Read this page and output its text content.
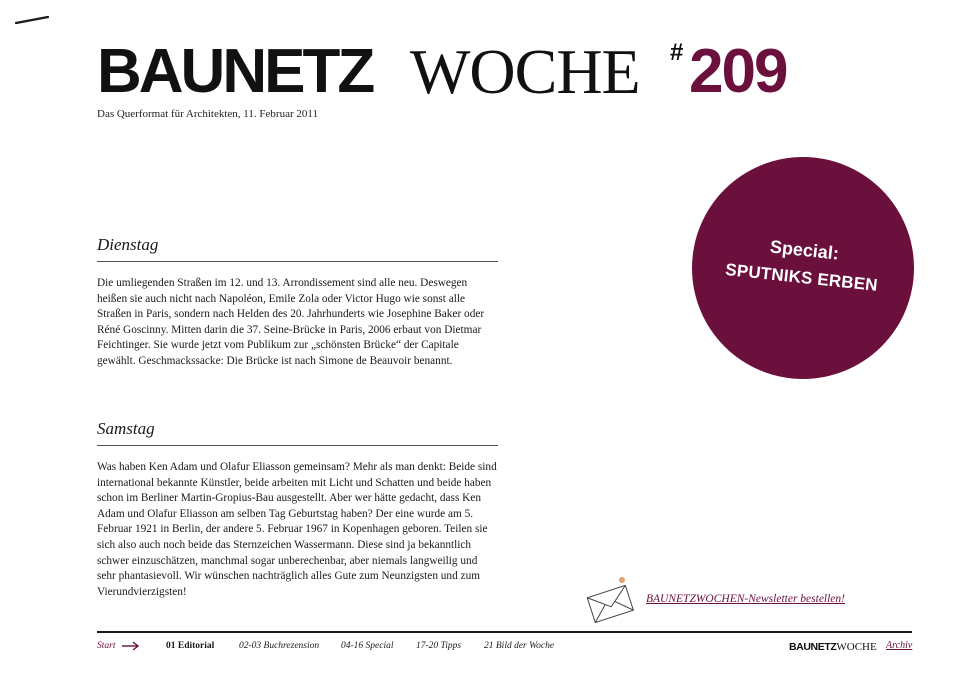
BAUNETZ WOCHE # 209
Das Querformat für Architekten, 11. Februar 2011
Dienstag

Die umliegenden Straßen im 12. und 13. Arrondissement sind alle neu. Deswegen heißen sie auch nicht nach Napoléon, Emile Zola oder Victor Hugo wie sonst alle Straßen in Paris, sondern nach Helden des 20. Jahrhunderts wie Josephine Baker oder Réné Goscinny. Mitten darin die 37. Seine-Brücke in Paris, 2006 erbaut von Dietmar Feichtinger. Sie wurde jetzt vom Publikum zur „schönsten Brücke“ der Capitale gewählt. Geschmackssacke: Die Brücke ist nach Simone de Beauvoir benannt.

Samstag

Was haben Ken Adam und Olafur Eliasson gemeinsam? Mehr als man denkt: Beide sind international bekannte Künstler, beide arbeiten mit Licht und Schatten und beide haben schon im Berliner Martin-Gropius-Bau ausgestellt. Aber wer hätte gedacht, dass Ken Adam und Olafur Eliasson am selben Tag Geburtstag haben? Der eine wurde am 5. Februar 1921 in Berlin, der andere 5. Februar 1967 in Kopenhagen geboren. Teilen sie sich also auch noch beide das Sternzeichen Wassermann. Diese sind ja bekanntlich schwer einzuschätzen, manchmal sogar unberechenbar, aber niemals langweilig und sehr phantasievoll. Wir wünschen nachträglich alles Gute zum Neunzigsten und zum Vierundvierzigsten!

Special:
SPUTNIKS ERBEN
BAUNETZWOCHEN-Newsletter bestellen!
Start	01 Editorial	02-03 Buchrezension 04-16 Special 17-20 Tipps 21 Bild der Woche	BAUNETZWOCHE Archiv
